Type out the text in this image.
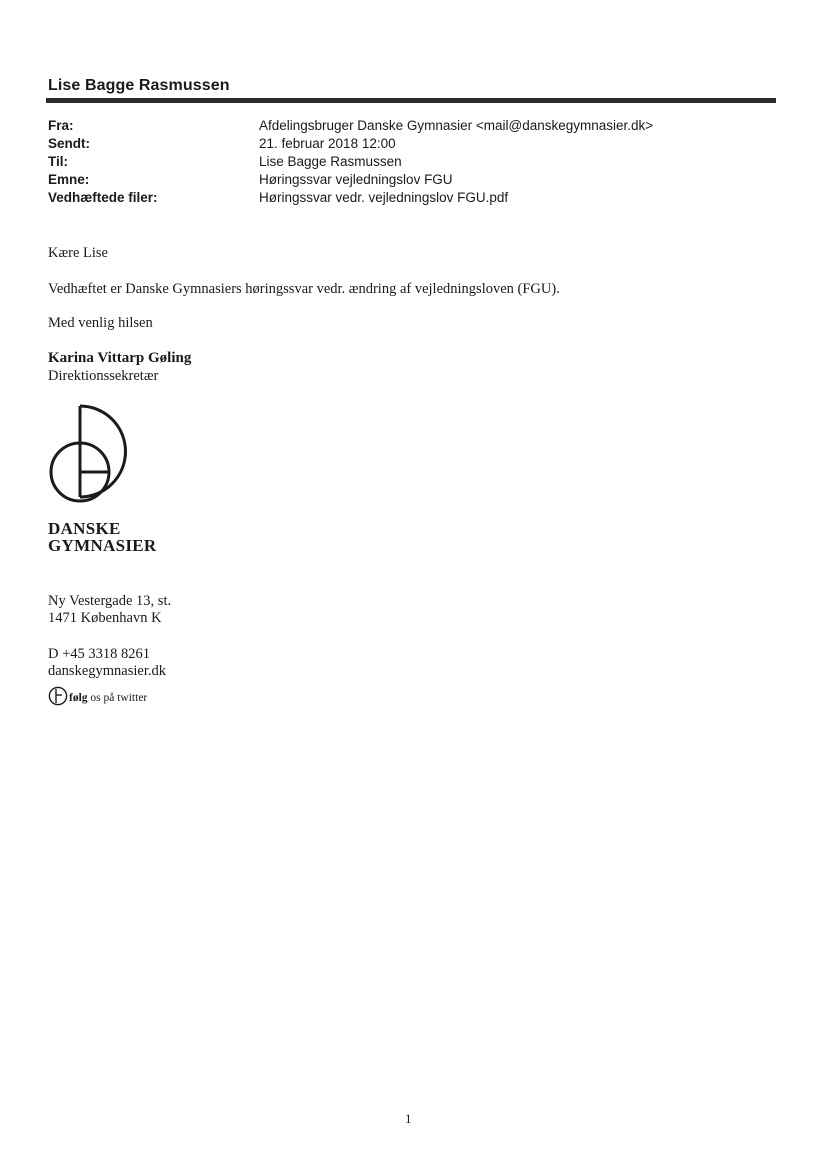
Lise Bagge Rasmussen
Fra:	Afdelingsbruger Danske Gymnasier <mail@danskegymnasier.dk>
Sendt:	21. februar 2018 12:00
Til:	Lise Bagge Rasmussen
Emne:	Høringssvar vejledningslov FGU
Vedhæftede filer:	Høringssvar vedr. vejledningslov FGU.pdf
Kære Lise
Vedhæftet er Danske Gymnasiers høringssvar vedr. ændring af vejledningsloven (FGU).
Med venlig hilsen
Karina Vittarp Gøling
Direktionssekretær
DANSKE
GYMNASIER
Ny Vestergade 13, st.
1471 København K
D +45 3318 8261
danskegymnasier.dk
følg os på twitter
1
